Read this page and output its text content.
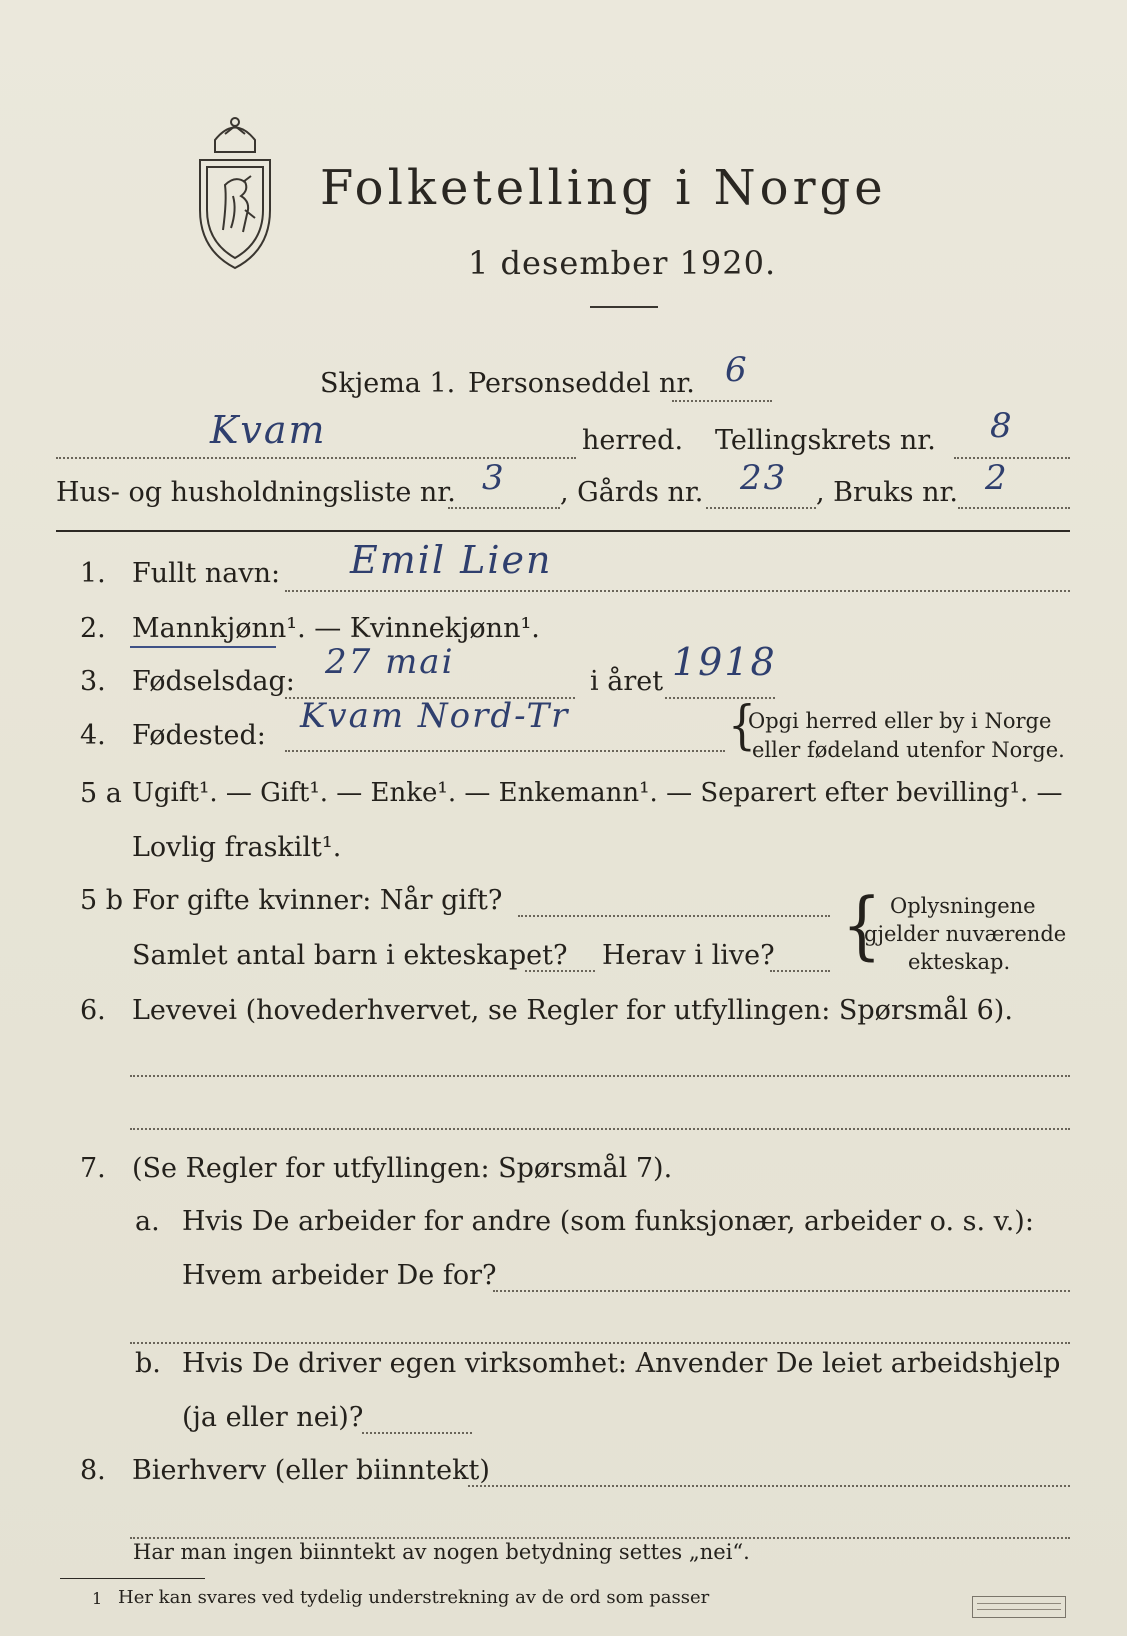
Folketelling i Norge
1 desember 1920.
Skjema 1. Personseddel nr. 6
Kvam	herred. Tellingskrets nr. 8
Hus- og husholdningsliste nr. 3 , Gårds nr. 23 , Bruks nr. 2
1. Fullt navn: Emil Lien
2. Mannkjønn¹. — Kvinnekjønn¹.
3. Fødselsdag: 27 mai	i året 1918
4. Fødested: Kvam Nord-Tr	{
Opgi herred eller by i Norge
eller fødeland utenfor Norge.
5 a Ugift¹. — Gift¹. — Enke¹. — Enkemann¹. — Separert efter bevilling¹. —
Lovlig fraskilt¹.
5 b For gifte kvinner: Når gift?
Samlet antal barn i ekteskapet? Herav i live? { Oplysningene
gjelder nuværende
ekteskap.
6. Levevei (hovederhvervet, se Regler for utfyllingen: Spørsmål 6).
7. (Se Regler for utfyllingen: Spørsmål 7).
a. Hvis De arbeider for andre (som funksjonær, arbeider o. s. v.):
Hvem arbeider De for?
b. Hvis De driver egen virksomhet: Anvender De leiet arbeidshjelp
(ja eller nei)?
8. Bierhverv (eller biinntekt)
Har man ingen biinntekt av nogen betydning settes „nei“.
1 Her kan svares ved tydelig understrekning av de ord som passer
